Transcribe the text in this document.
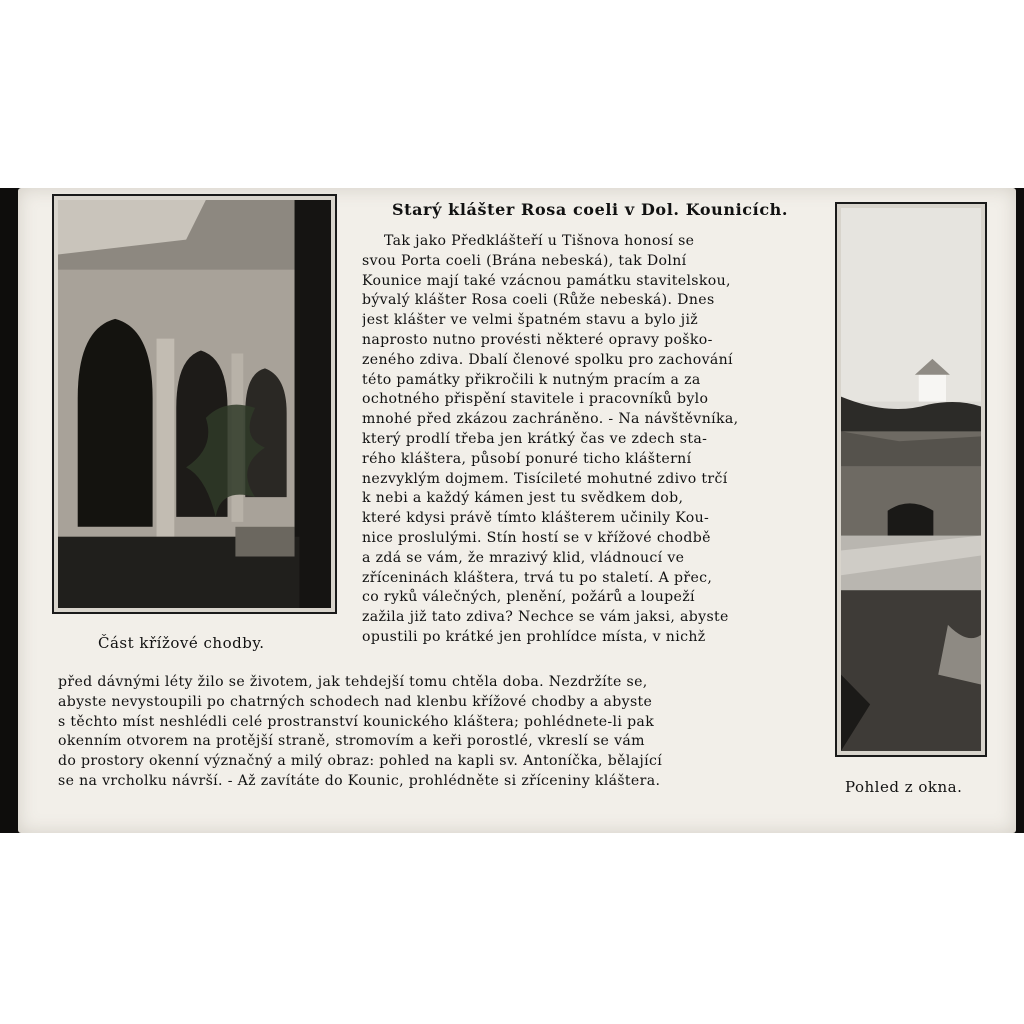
Část křížové chodby.
Starý klášter Rosa coeli v Dol. Kounicích.
Tak jako Předklášteří u Tišnova honosí se
svou Porta coeli (Brána nebeská), tak Dolní
Kounice mají také vzácnou památku stavitelskou,
bývalý klášter Rosa coeli (Růže nebeská). Dnes
jest klášter ve velmi špatném stavu a bylo již
naprosto nutno provésti některé opravy poško-
zeného zdiva. Dbalí členové spolku pro zachování
této památky přikročili k nutným pracím a za
ochotného přispění stavitele i pracovníků bylo
mnohé před zkázou zachráněno. - Na návštěvníka,
který prodlí třeba jen krátký čas ve zdech sta-
rého kláštera, působí ponuré ticho klášterní
nezvyklým dojmem. Tisícileté mohutné zdivo trčí
k nebi a každý kámen jest tu svědkem dob,
které kdysi právě tímto klášterem učinily Kou-
nice proslulými. Stín hostí se v křížové chodbě
a zdá se vám, že mrazivý klid, vládnoucí ve
zříceninách kláštera, trvá tu po staletí. A přec,
co ryků válečných, plenění, požárů a loupeží
zažila již tato zdiva? Nechce se vám jaksi, abyste
opustili po krátké jen prohlídce místa, v nichž
před dávnými léty žilo se životem, jak tehdejší tomu chtěla doba. Nezdržíte se,
abyste nevystoupili po chatrných schodech nad klenbu křížové chodby a abyste
s těchto míst neshlédli celé prostranství kounického kláštera; pohlédnete-li pak
okenním otvorem na protější straně, stromovím a keři porostlé, vkreslí se vám
do prostory okenní význačný a milý obraz: pohled na kapli sv. Antoníčka, bělající
se na vrcholku návrší. - Až zavítáte do Kounic, prohlédněte si zříceniny kláštera.	Pohled z okna.
